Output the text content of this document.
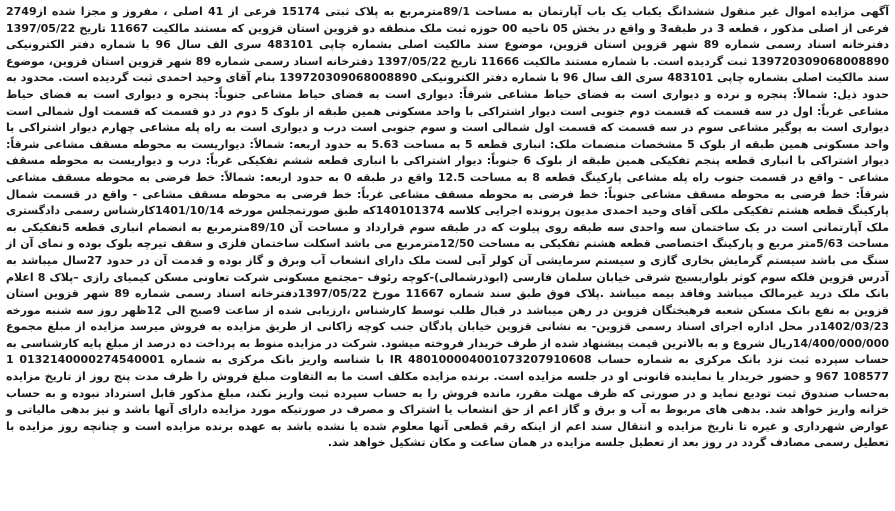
آگهی مزایده اموال غیر منقول ششدانگ یکباب یک باب آپارتمان به مساحت 89/1مترمربع به پلاک ثبتی 15174 فرعی از 41 اصلی ، مفروز و مجزا شده از2749 فرعی از اصلی مذکور ، قطعه 3 در طبقه3 و واقع در بخش 05 ناحیه 00 حوزه ثبت ملک منطقه دو قزوین استان قزوین که مستند مالکیت 11667 تاریخ 1397/05/22 دفترخانه اسناد رسمی شماره 89 شهر قزوین استان قزوین، موضوع سند مالکیت اصلی بشماره چاپی 483101 سری الف سال 96 با شماره دفتر الکترونیکی 139720309068008890 ثبت گردیده است. با شماره مستند مالکیت 11666 تاریخ 1397/05/22 دفترخانه اسناد رسمی شماره 89 شهر قزوین استان قزوین، موضوع سند مالکیت اصلی بشماره چاپی 483101 سری الف سال 96 با شماره دفتر الکترونیکی 139720309068008890 بنام آقای وحید احمدی ثبت گردیده است. محدود به حدود ذیل: شمالاً: پنجره و نرده و دیواری است به فضای حیاط مشاعی شرقاً: دیواری است به فضای حیاط مشاعی جنوباً: پنجره و دیواری است به فضای حیاط مشاعی غرباً: اول در سه قسمت که قسمت دوم جنوبی است دیوار اشتراکی با واحد مسکونی همین طبقه از بلوک 5 دوم در دو قسمت که قسمت اول شمالی است دیواری است به پوگیر مشاعی سوم در سه قسمت که قسمت اول شمالی است و سوم جنوبی است درب و دیواری است به راه پله مشاعی چهارم دیوار اشتراکی با واحد مسکونی همین طبقه از بلوک 5 مشخصات منضمات ملک: انباری قطعه 5 به مساحت 5.63 به حدود اربعه: شمالاً: دیواریست به محوطه مسقف مشاعی شرقاً: دیوار اشتراکی با انباری قطعه پنجم تفکیکی همین طبقه از بلوک 6 جنوباً: دیوار اشتراکی با انباری قطعه ششم تفکیکی غرباً: درب و دیواریست به محوطه مسقف مشاعی - واقع در قسمت جنوب راه پله مشاعی پارکینگ قطعه 8 به مساحت 12.5 واقع در طبقه 0 به حدود اربعه: شمالاً: خط فرضی به محوطه مسقف مشاعی شرقاً: خط فرضی به محوطه مسقف مشاعی جنوباً: خط فرضی به محوطه مسقف مشاعی غرباً: خط فرضی به محوطه مسقف مشاعی - واقع در قسمت شمال پارکینگ قطعه هشتم تفکیکی ملکی آقای وحید احمدی مدیون پرونده اجرایی کلاسه 140101374که طبق صورتمجلس مورخه 1401/10/14کارشناس رسمی دادگستری ملک آپارتمانی است در یک ساختمان سه واحدی سه طبقه روی پیلوت که در طبقه سوم قرارداد و مساحت آن 89/10مترمربع به انضمام انباری قطعه 5تفکیکی به مساحت 5/63متر مربع و پارکینگ اختصاصی قطعه هشتم تفکیکی به مساحت 12/50مترمربع می باشد اسکلت ساختمان فلزی و سقف تیرچه بلوک بوده و نمای آن از سنگ می باشد سیستم گرمایش بخاری گازی و سیستم سرمایشی آن کولر آبی لست ملک دارای انشعاب آب وبرق و گاز بوده و قدمت آن در حدود 27سال میباشد به آدرس قزوین فلکه سوم کوثر بلواربسیج شرقی خیابان سلمان فارسی (ابوذرشمالی)-کوچه رئوف –مجتمع مسکونی شرکت تعاونی مسکن کیمیای رازی –پلاک 8 اعلام بانک ملک درید غیرمالک میباشد وفاقد بیمه میباشد .پلاک فوق طبق سند شماره 11667 مورخ 1397/05/22دفترخانه اسناد رسمی شماره 89 شهر قزوین استان قزوین به نفع بانک مسکن شعبه فرهیختگان قزوین در رهن میباشد در قبال طلب توسط کارشناس ،ارزیابی شده از ساعت 9صبح الی 12ظهر روز سه شنبه مورخه 1402/03/23در محل اداره اجرای اسناد رسمی قزوین- به نشانی قزوین خیابان پادگان جنب کوچه زاکانی از طریق مزایده به فروش میرسد مزایده از مبلغ مجموع 14/400/000/000ریال شروع و به بالاترین قیمت پیشنهاد شده از طرف خریدار فروخته میشود. شرکت در مزایده منوط به پرداخت ده درصد از مبلغ پایه کارشناسی به حساب سپرده ثبت نزد بانک مرکزی به شماره حساب IR 480100004001073207910608 با شناسه واریز بانک مرکزی به شماره 0132140000274540001 1 108577 967 و حضور خریدار یا نماینده قانونی او در جلسه مزایده است. برنده مزایده مکلف است ما به التفاوت مبلغ فروش را ظرف مدت پنج روز از تاریخ مزایده به‌حساب صندوق ثبت توديع نماید و در صورتی که ظرف مهلت مقرر، مانده فروش را به حساب سپرده ثبت واریز نکند، مبلغ مذکور قابل استرداد نبوده و به حساب خزانه واریز خواهد شد. بدهی های مربوط به آب و برق و گاز اعم از حق انشعاب یا اشتراک و مصرف در صورتیکه مورد مزایده دارای آنها باشد و نیز بدهی مالیاتی و عوارض شهرداری و غیره تا تاریخ مزایده و انتقال سند اعم از اینکه رقم قطعی آنها معلوم شده یا نشده باشد به عهده برنده مزایده است و چنانچه روز مزایده با تعطیل رسمی مصادف گردد در روز بعد از تعطیل جلسه مزایده در همان ساعت و مکان تشکیل خواهد شد.
